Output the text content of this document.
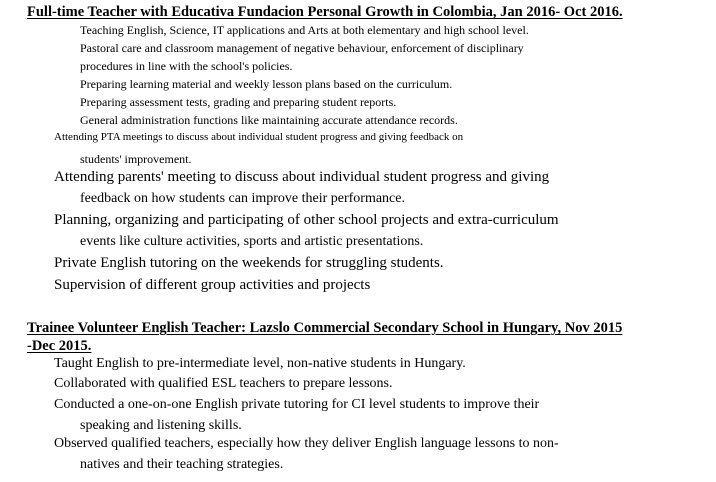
Full-time Teacher with Educativa Fundacion Personal Growth in Colombia, Jan 2016- Oct 2016.
Teaching English, Science, IT applications and Arts at both elementary and high school level.
Pastoral care and classroom management of negative behaviour, enforcement of disciplinary
procedures in line with the school's policies.
Preparing learning material and weekly lesson plans based on the curriculum.
Preparing assessment tests, grading and preparing student reports.
General administration functions like maintaining accurate attendance records.
Attending PTA meetings to discuss about individual student progress and giving feedback on
students' improvement.
Attending parents' meeting to discuss about individual student progress and giving
feedback on how students can improve their performance.
Planning, organizing and participating of other school projects and extra-curriculum
events like culture activities, sports and artistic presentations.
Private English tutoring on the weekends for struggling students.
Supervision of different group activities and projects
Trainee Volunteer English Teacher: Lazslo Commercial Secondary School in Hungary, Nov 2015
-Dec 2015.
Taught English to pre-intermediate level, non-native students in Hungary.
Collaborated with qualified ESL teachers to prepare lessons.
Conducted a one-on-one English private tutoring for CI level students to improve their
speaking and listening skills.
Observed qualified teachers, especially how they deliver English language lessons to non-
natives and their teaching strategies.
